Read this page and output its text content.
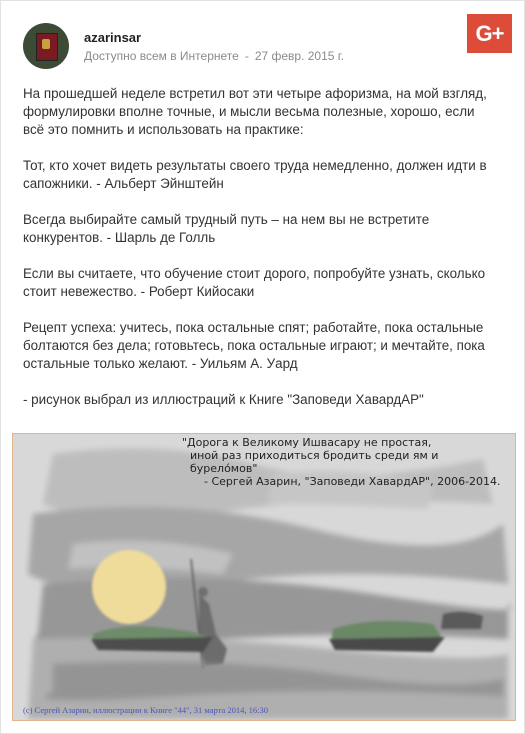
azarinsar
Доступно всем в Интернете - 27 февр. 2015 г.
G+

На прошедшей неделе встретил вот эти четыре афоризма, на мой взгляд, формулировки вполне точные, и мысли весьма полезные, хорошо, если всё это помнить и использовать на практике:

Тот, кто хочет видеть результаты своего труда немедленно, должен идти в сапожники. - Альберт Эйнштейн

Всегда выбирайте самый трудный путь – на нем вы не встретите конкурентов. - Шарль де Голль

Если вы считаете, что обучение стоит дорого, попробуйте узнать, сколько стоит невежество. - Роберт Кийосаки

Рецепт успеха: учитесь, пока остальные спят; работайте, пока остальные болтаются без дела; готовьтесь, пока остальные играют; и мечтайте, пока остальные только желают. - Уильям А. Уард

- рисунок выбрал из иллюстраций к Книге "Заповеди ХавардАР"

"Дорога к Великому Ишвасару не простая,
иной раз приходиться бродить среди ям и бурело́мов"
- Сергей Азарин, "Заповеди ХавардАР", 2006-2014.
(c) Сергей Азарин, иллюстрации к Книге "44", 31 марта 2014, 16:30
